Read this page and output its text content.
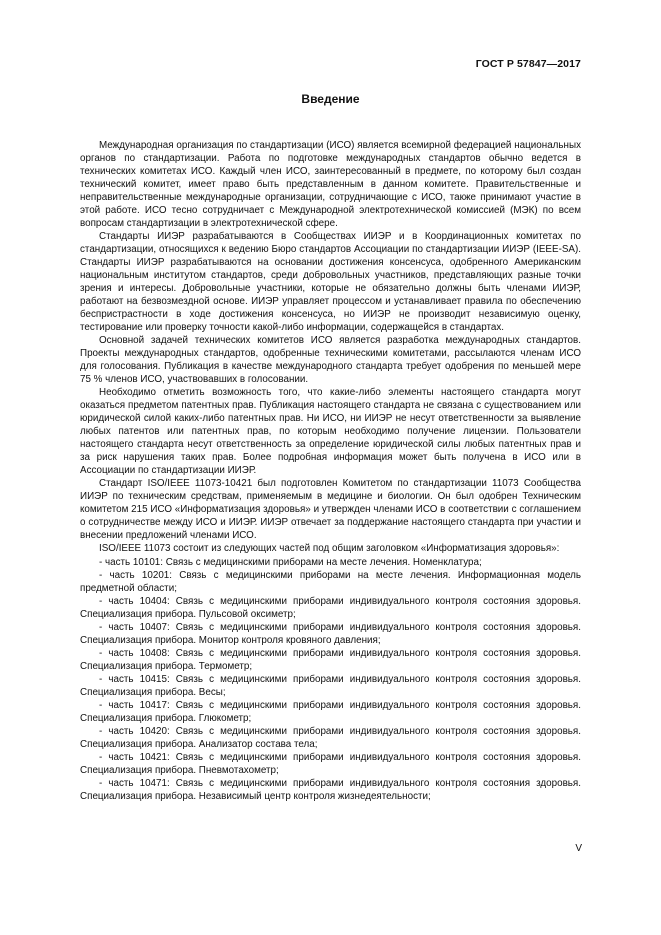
ГОСТ Р 57847—2017
Введение

Международная организация по стандартизации (ИСО) является всемирной федерацией национальных органов по стандартизации. Работа по подготовке международных стандартов обычно ведется в технических комитетах ИСО. Каждый член ИСО, заинтересованный в предмете, по которому был создан технический комитет, имеет право быть представленным в данном комитете. Правительственные и неправительственные международные организации, сотрудничающие с ИСО, также принимают участие в этой работе. ИСО тесно сотрудничает с Международной электротехнической комиссией (МЭК) по всем вопросам стандартизации в электротехнической сфере.

Стандарты ИИЭР разрабатываются в Сообществах ИИЭР и в Координационных комитетах по стандартизации, относящихся к ведению Бюро стандартов Ассоциации по стандартизации ИИЭР (IEEE-SA). Стандарты ИИЭР разрабатываются на основании достижения консенсуса, одобренного Американским национальным институтом стандартов, среди добровольных участников, представляющих разные точки зрения и интересы. Добровольные участники, которые не обязательно должны быть членами ИИЭР, работают на безвозмездной основе. ИИЭР управляет процессом и устанавливает правила по обеспечению беспристрастности в ходе достижения консенсуса, но ИИЭР не производит независимую оценку, тестирование или проверку точности какой-либо информации, содержащейся в стандартах.

Основной задачей технических комитетов ИСО является разработка международных стандартов. Проекты международных стандартов, одобренные техническими комитетами, рассылаются членам ИСО для голосования. Публикация в качестве международного стандарта требует одобрения по меньшей мере 75 % членов ИСО, участвовавших в голосовании.

Необходимо отметить возможность того, что какие-либо элементы настоящего стандарта могут оказаться предметом патентных прав. Публикация настоящего стандарта не связана с существованием или юридической силой каких-либо патентных прав. Ни ИСО, ни ИИЭР не несут ответственности за выявление любых патентов или патентных прав, по которым необходимо получение лицензии. Пользователи настоящего стандарта несут ответственность за определение юридической силы любых патентных прав и за риск нарушения таких прав. Более подробная информация может быть получена в ИСО или в Ассоциации по стандартизации ИИЭР.

Стандарт ISO/IEEE 11073-10421 был подготовлен Комитетом по стандартизации 11073 Сообщества ИИЭР по техническим средствам, применяемым в медицине и биологии. Он был одобрен Техническим комитетом 215 ИСО «Информатизация здоровья» и утвержден членами ИСО в соответствии с соглашением о сотрудничестве между ИСО и ИИЭР. ИИЭР отвечает за поддержание настоящего стандарта при участии и внесении предложений членами ИСО.

ISO/IEEE 11073 состоит из следующих частей под общим заголовком «Информатизация здоровья»:

- часть 10101: Связь с медицинскими приборами на месте лечения. Номенклатура;

- часть 10201: Связь с медицинскими приборами на месте лечения. Информационная модель предметной области;

- часть 10404: Связь с медицинскими приборами индивидуального контроля состояния здоровья. Специализация прибора. Пульсовой оксиметр;

- часть 10407: Связь с медицинскими приборами индивидуального контроля состояния здоровья. Специализация прибора. Монитор контроля кровяного давления;

- часть 10408: Связь с медицинскими приборами индивидуального контроля состояния здоровья. Специализация прибора. Термометр;

- часть 10415: Связь с медицинскими приборами индивидуального контроля состояния здоровья. Специализация прибора. Весы;

- часть 10417: Связь с медицинскими приборами индивидуального контроля состояния здоровья. Специализация прибора. Глюкометр;

- часть 10420: Связь с медицинскими приборами индивидуального контроля состояния здоровья. Специализация прибора. Анализатор состава тела;

- часть 10421: Связь с медицинскими приборами индивидуального контроля состояния здоровья. Специализация прибора. Пневмотахометр;

- часть 10471: Связь с медицинскими приборами индивидуального контроля состояния здоровья. Специализация прибора. Независимый центр контроля жизнедеятельности;

V
